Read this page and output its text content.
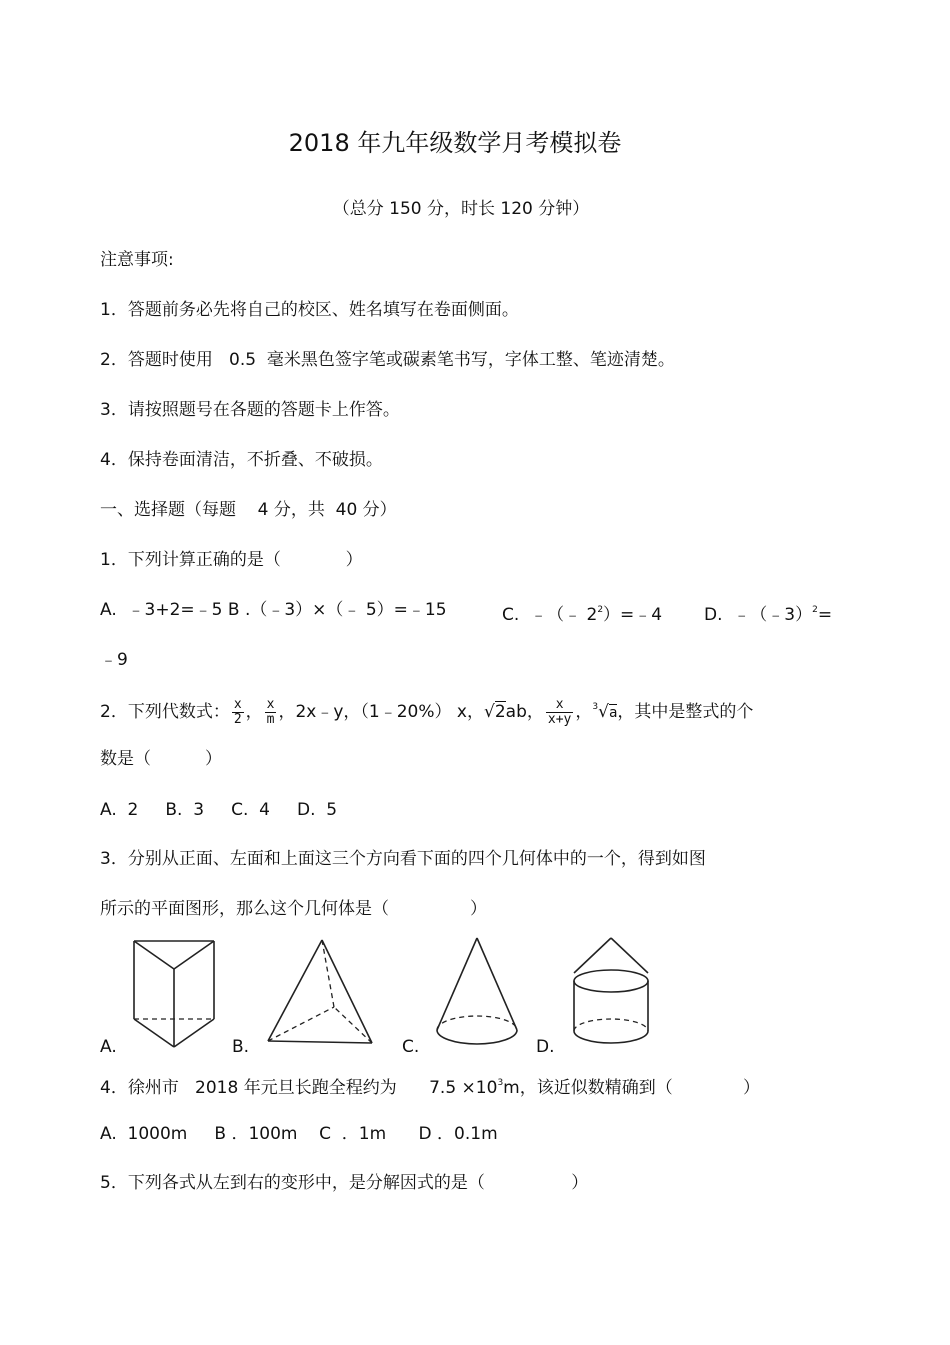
2018 年九年级数学月考模拟卷
（总分 150 分，时长 120 分钟）
注意事项:
1．答题前务必先将自己的校区、姓名填写在卷面侧面。
2．答题时使用   0.5  毫米黑色签字笔或碳素笔书写，字体工整、笔迹清楚。
3．请按照题号在各题的答题卡上作答。
4．保持卷面清洁，不折叠、不破损。
一、选择题（每题    4 分，共  40 分）
1．下列计算正确的是（            ）
A.  ﹣3+2=﹣5 B .（﹣3）×（﹣ 5）=﹣15	C.  ﹣（﹣ $2^2)=﹣4$ D.  ﹣（﹣3）$^2$=
﹣9
2．下列代数式： $\frac{x}{2}$ ， $\frac{x}{m}$ ，2x﹣y，（1﹣20%） x，√2ab， $\frac{x}{x+y}$ ，$^3$√a，其中是整式的个
数是（          ）
A.  2     B.  3     C.  4     D.  5
3．分别从正面、左面和上面这三个方向看下面的四个几何体中的一个，得到如图
所示的平面图形，那么这个几何体是（               ）
A.	B.	C.	D.
4．徐州市   2018 年元旦长跑全程约为      $7.5 \times 10^3m$，该近似数精确到（             ）
A.  1000m     B ．100m    C  ．1m      D ．0.1m
5．下列各式从左到右的变形中，是分解因式的是（                ）
